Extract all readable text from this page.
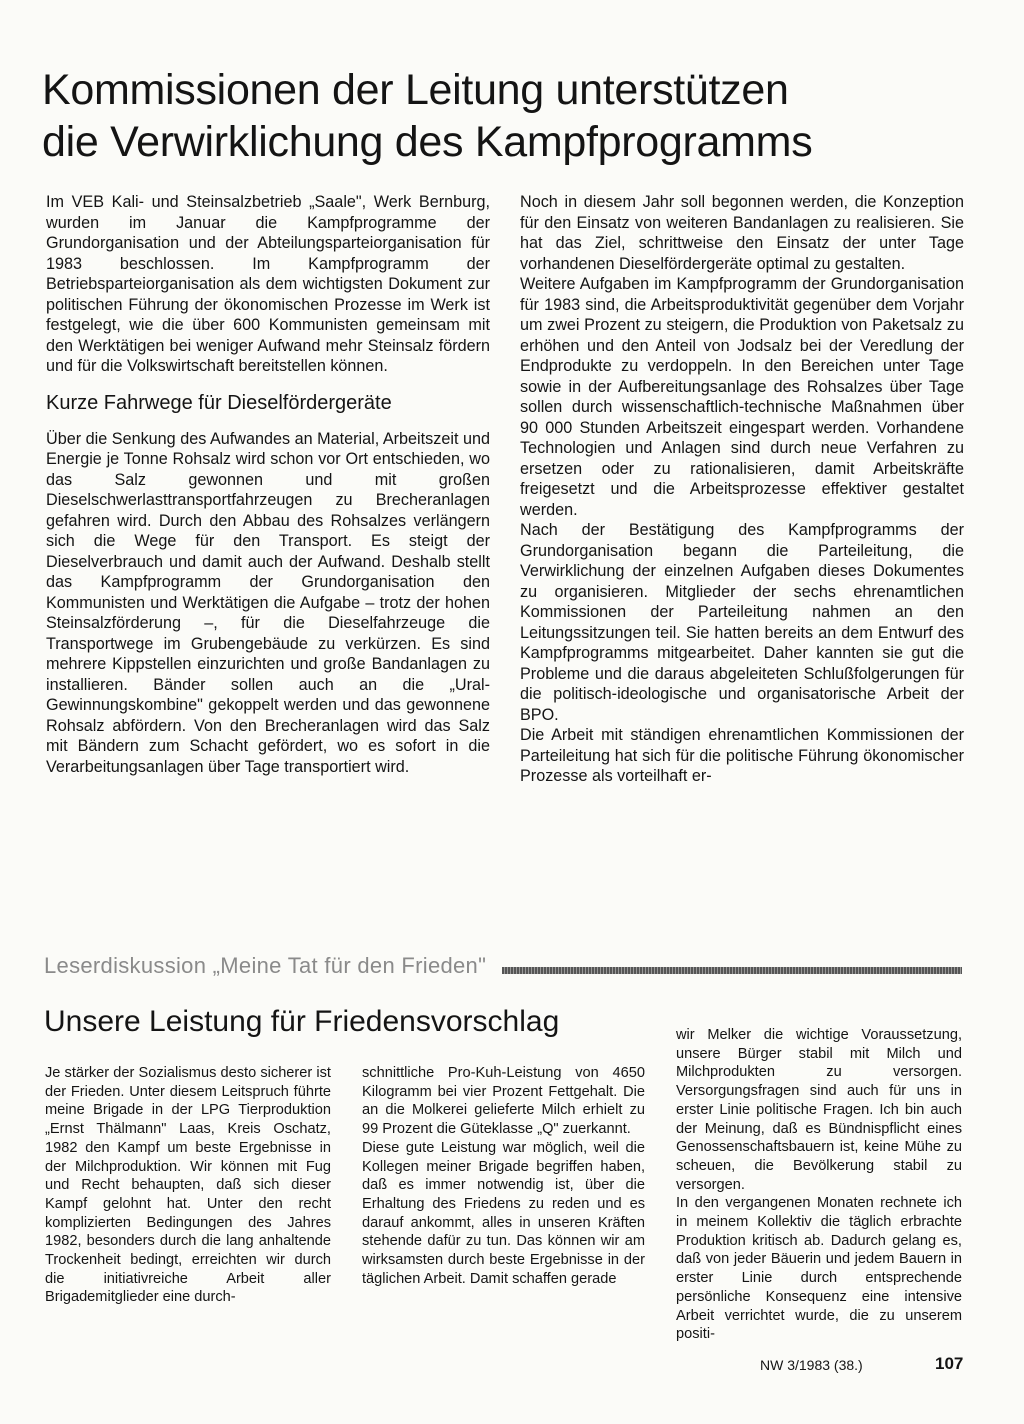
Kommissionen der Leitung unterstützen
die Verwirklichung des Kampfprogramms

Im VEB Kali- und Steinsalzbetrieb „Saale", Werk Bernburg, wurden im Januar die Kampfprogramme der Grundorganisation und der Abteilungsparteiorganisation für 1983 beschlossen. Im Kampfprogramm der Betriebsparteiorganisation als dem wichtigsten Dokument zur politischen Führung der ökonomischen Prozesse im Werk ist festgelegt, wie die über 600 Kommunisten gemeinsam mit den Werktätigen bei weniger Aufwand mehr Steinsalz fördern und für die Volkswirtschaft bereitstellen können.

Kurze Fahrwege für Dieselfördergeräte

Über die Senkung des Aufwandes an Material, Arbeitszeit und Energie je Tonne Rohsalz wird schon vor Ort entschieden, wo das Salz gewonnen und mit großen Dieselschwerlasttransportfahrzeugen zu Brecheranlagen gefahren wird. Durch den Abbau des Rohsalzes verlängern sich die Wege für den Transport. Es steigt der Dieselverbrauch und damit auch der Aufwand. Deshalb stellt das Kampfprogramm der Grundorganisation den Kommunisten und Werktätigen die Aufgabe – trotz der hohen Steinsalzförderung –, für die Dieselfahrzeuge die Transportwege im Grubengebäude zu verkürzen. Es sind mehrere Kippstellen einzurichten und große Bandanlagen zu installieren. Bänder sollen auch an die „Ural-Gewinnungskombine" gekoppelt werden und das gewonnene Rohsalz abfördern. Von den Brecheranlagen wird das Salz mit Bändern zum Schacht gefördert, wo es sofort in die Verarbeitungsanlagen über Tage transportiert wird.

Noch in diesem Jahr soll begonnen werden, die Konzeption für den Einsatz von weiteren Bandanlagen zu realisieren. Sie hat das Ziel, schrittweise den Einsatz der unter Tage vorhandenen Dieselfördergeräte optimal zu gestalten.

Weitere Aufgaben im Kampfprogramm der Grundorganisation für 1983 sind, die Arbeitsproduktivität gegenüber dem Vorjahr um zwei Prozent zu steigern, die Produktion von Paketsalz zu erhöhen und den Anteil von Jodsalz bei der Veredlung der Endprodukte zu verdoppeln. In den Bereichen unter Tage sowie in der Aufbereitungsanlage des Rohsalzes über Tage sollen durch wissenschaftlich-technische Maßnahmen über 90 000 Stunden Arbeitszeit eingespart werden. Vorhandene Technologien und Anlagen sind durch neue Verfahren zu ersetzen oder zu rationalisieren, damit Arbeitskräfte freigesetzt und die Arbeitsprozesse effektiver gestaltet werden.

Nach der Bestätigung des Kampfprogramms der Grundorganisation begann die Parteileitung, die Verwirklichung der einzelnen Aufgaben dieses Dokumentes zu organisieren. Mitglieder der sechs ehrenamtlichen Kommissionen der Parteileitung nahmen an den Leitungssitzungen teil. Sie hatten bereits an dem Entwurf des Kampfprogramms mitgearbeitet. Daher kannten sie gut die Probleme und die daraus abgeleiteten Schlußfolgerungen für die politisch-ideologische und organisatorische Arbeit der BPO.

Die Arbeit mit ständigen ehrenamtlichen Kommissionen der Parteileitung hat sich für die politische Führung ökonomischer Prozesse als vorteilhaft er-

Leserdiskussion „Meine Tat für den Frieden"
Unsere Leistung für Friedensvorschlag

Je stärker der Sozialismus desto sicherer ist der Frieden. Unter diesem Leitspruch führte meine Brigade in der LPG Tierproduktion „Ernst Thälmann" Laas, Kreis Oschatz, 1982 den Kampf um beste Ergebnisse in der Milchproduktion. Wir können mit Fug und Recht behaupten, daß sich dieser Kampf gelohnt hat. Unter den recht komplizierten Bedingungen des Jahres 1982, besonders durch die lang anhaltende Trockenheit bedingt, erreichten wir durch die initiativreiche Arbeit aller Brigademitglieder eine durch-

schnittliche Pro-Kuh-Leistung von 4650 Kilogramm bei vier Prozent Fettgehalt. Die an die Molkerei gelieferte Milch erhielt zu 99 Prozent die Güteklasse „Q" zuerkannt.

Diese gute Leistung war möglich, weil die Kollegen meiner Brigade begriffen haben, daß es immer notwendig ist, über die Erhaltung des Friedens zu reden und es darauf ankommt, alles in unseren Kräften stehende dafür zu tun. Das können wir am wirksamsten durch beste Ergebnisse in der täglichen Arbeit. Damit schaffen gerade

wir Melker die wichtige Voraussetzung, unsere Bürger stabil mit Milch und Milchprodukten zu versorgen. Versorgungsfragen sind auch für uns in erster Linie politische Fragen. Ich bin auch der Meinung, daß es Bündnispflicht eines Genossenschaftsbauern ist, keine Mühe zu scheuen, die Bevölkerung stabil zu versorgen.

In den vergangenen Monaten rechnete ich in meinem Kollektiv die täglich erbrachte Produktion kritisch ab. Dadurch gelang es, daß von jeder Bäuerin und jedem Bauern in erster Linie durch entsprechende persönliche Konsequenz eine intensive Arbeit verrichtet wurde, die zu unserem positi-

NW 3/1983 (38.)	107
